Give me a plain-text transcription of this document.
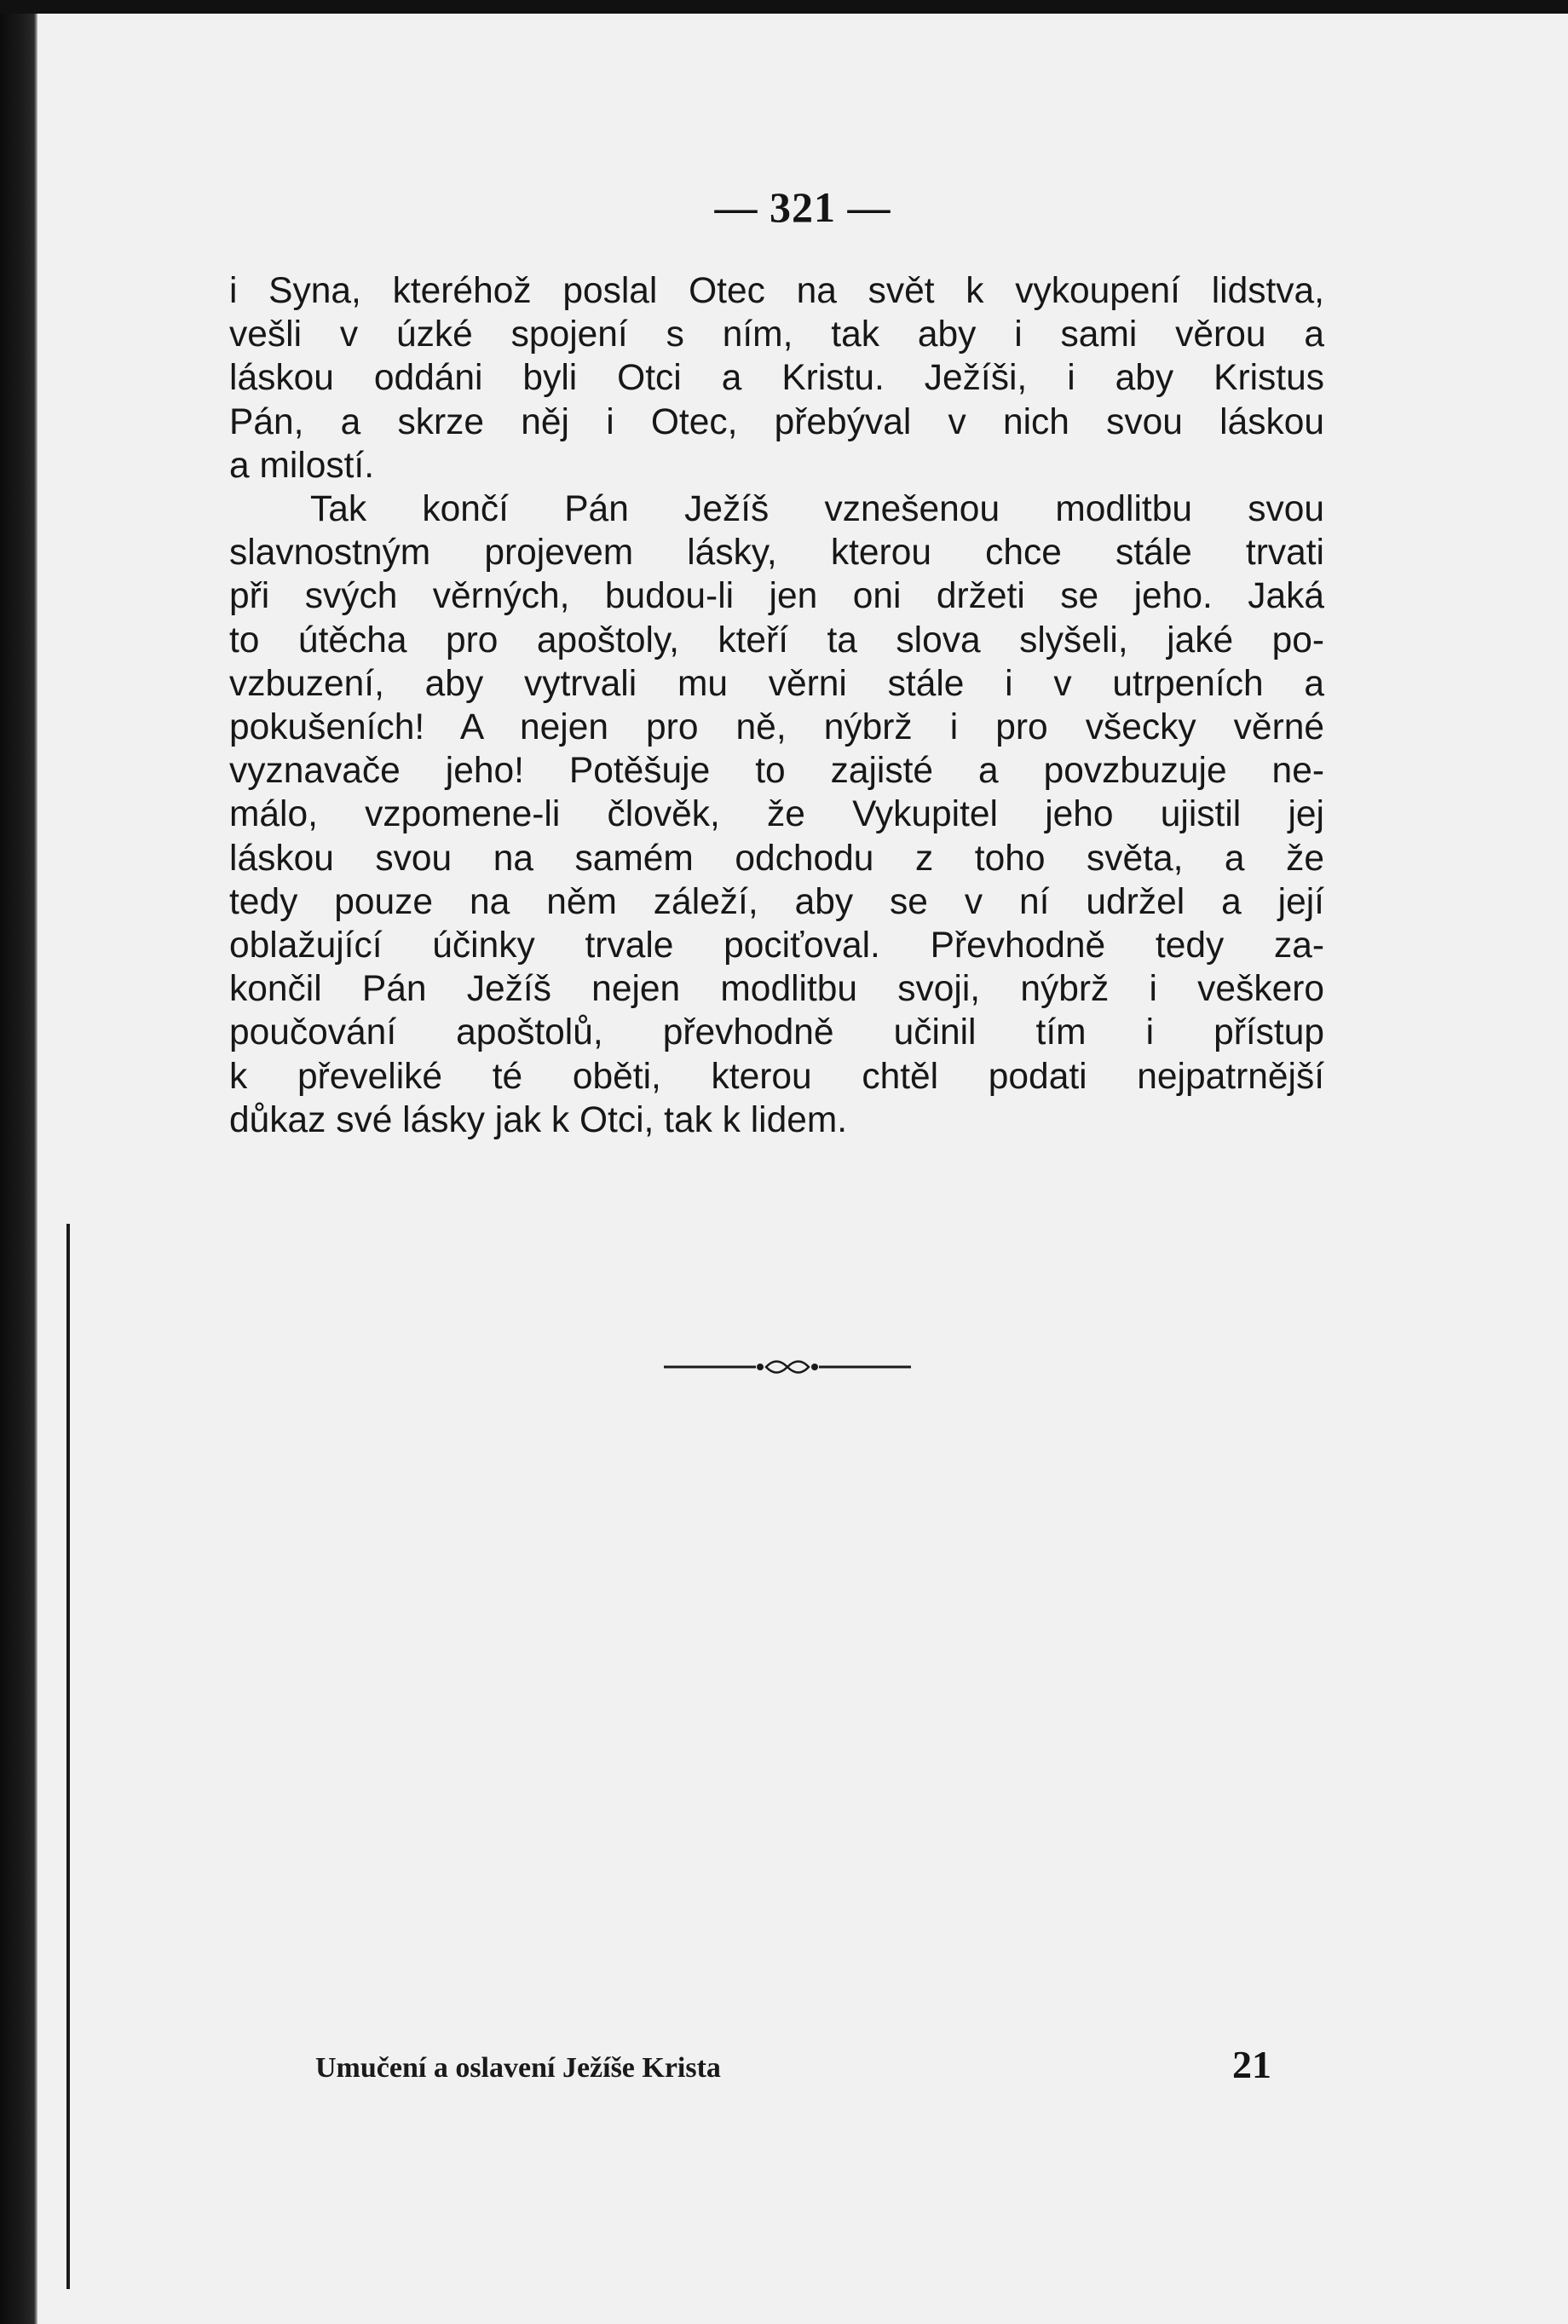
— 321 —
i Syna, kteréhož poslal Otec na svět k vykoupení lidstva,
vešli v úzké spojení s ním, tak aby i sami věrou a
láskou oddáni byli Otci a Kristu. Ježíši, i aby Kristus
Pán, a skrze něj i Otec, přebýval v nich svou láskou
a milostí.
Tak končí Pán Ježíš vznešenou modlitbu svou
slavnostným projevem lásky, kterou chce stále trvati
při svých věrných, budou-li jen oni držeti se jeho. Jaká
to útěcha pro apoštoly, kteří ta slova slyšeli, jaké po-
vzbuzení, aby vytrvali mu věrni stále i v utrpeních a
pokušeních! A nejen pro ně, nýbrž i pro všecky věrné
vyznavače jeho! Potěšuje to zajisté a povzbuzuje ne-
málo, vzpomene-li člověk, že Vykupitel jeho ujistil jej
láskou svou na samém odchodu z toho světa, a že
tedy pouze na něm záleží, aby se v ní udržel a její
oblažující účinky trvale pociťoval. Převhodně tedy za-
končil Pán Ježíš nejen modlitbu svoji, nýbrž i veškero
poučování apoštolů, převhodně učinil tím i přístup
k převeliké té oběti, kterou chtěl podati nejpatrnější
důkaz své lásky jak k Otci, tak k lidem.
Umučení a oslavení Ježíše Krista	21
